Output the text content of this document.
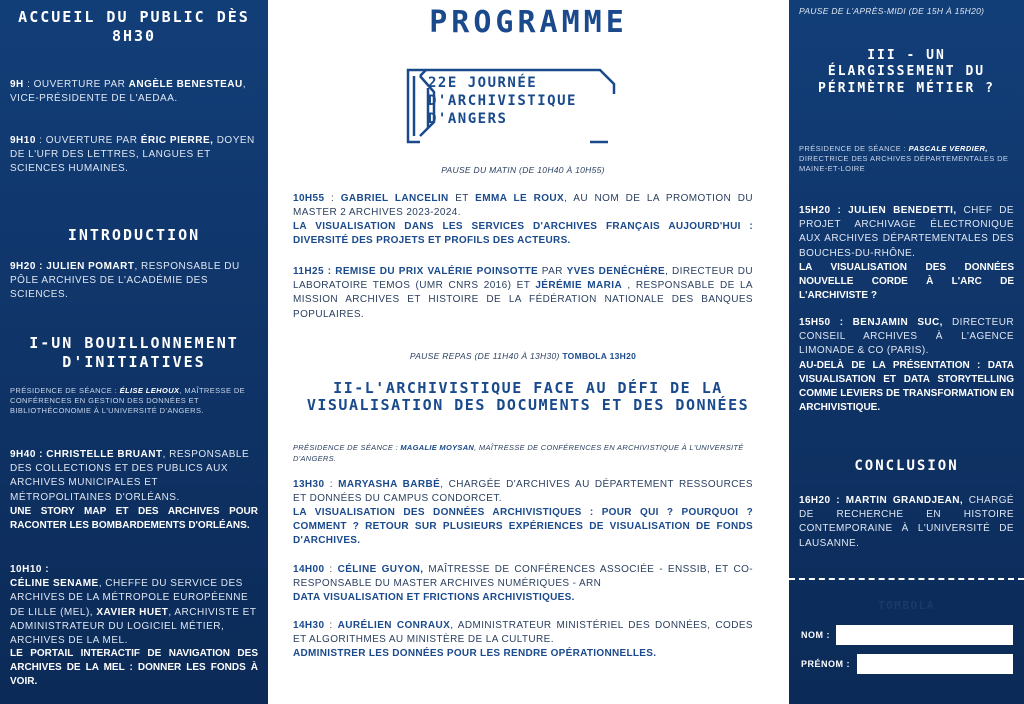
ACCUEIL DU PUBLIC DÈS 8H30
9H : OUVERTURE PAR ANGÈLE BENESTEAU, VICE-PRÉSIDENTE DE L'AEDAA.
9H10 : OUVERTURE PAR ÉRIC PIERRE, DOYEN DE L'UFR DES LETTRES, LANGUES ET SCIENCES HUMAINES.
INTRODUCTION
9H20 : JULIEN POMART, RESPONSABLE DU PÔLE ARCHIVES DE L'ACADÉMIE DES SCIENCES.
I-UN BOUILLONNEMENT D'INITIATIVES
PRÉSIDENCE DE SÉANCE : ÉLISE LEHOUX, MAÎTRESSE DE CONFÉRENCES EN GESTION DES DONNÉES ET BIBLIOTHÉCONOMIE À L'UNIVERSITÉ D'ANGERS.
9H40 : CHRISTELLE BRUANT, RESPONSABLE DES COLLECTIONS ET DES PUBLICS AUX ARCHIVES MUNICIPALES ET MÉTROPOLITAINES D'ORLÉANS.
UNE STORY MAP ET DES ARCHIVES POUR RACONTER LES BOMBARDEMENTS D'ORLÉANS.
10H10 :
CÉLINE SENAME, CHEFFE DU SERVICE DES ARCHIVES DE LA MÉTROPOLE EUROPÉENNE DE LILLE (MEL), XAVIER HUET, ARCHIVISTE ET ADMINISTRATEUR DU LOGICIEL MÉTIER, ARCHIVES DE LA MEL.
LE PORTAIL INTERACTIF DE NAVIGATION DES ARCHIVES DE LA MEL : DONNER LES FONDS À VOIR.
PROGRAMME
22E JOURNÉE
D'ARCHIVISTIQUE
D'ANGERS
PAUSE DU MATIN (DE 10H40 À 10H55)
10H55 : GABRIEL LANCELIN ET EMMA LE ROUX, AU NOM DE LA PROMOTION DU MASTER 2 ARCHIVES 2023-2024.
LA VISUALISATION DANS LES SERVICES D'ARCHIVES FRANÇAIS AUJOURD'HUI : DIVERSITÉ DES PROJETS ET PROFILS DES ACTEURS.
11H25 : REMISE DU PRIX VALÉRIE POINSOTTE PAR YVES DENÉCHÈRE, DIRECTEUR DU LABORATOIRE TEMOS (UMR CNRS 2016) ET JÉRÉMIE MARIA , RESPONSABLE DE LA MISSION ARCHIVES ET HISTOIRE DE LA FÉDÉRATION NATIONALE DES BANQUES POPULAIRES.
PAUSE REPAS (DE 11H40 À 13H30) TOMBOLA 13H20
II-L'ARCHIVISTIQUE FACE AU DÉFI DE LA VISUALISATION DES DOCUMENTS ET DES DONNÉES
PRÉSIDENCE DE SÉANCE : MAGALIE MOYSAN, MAÎTRESSE DE CONFÉRENCES EN ARCHIVISTIQUE À L'UNIVERSITÉ D'ANGERS.
13H30 : MARYASHA BARBÉ, CHARGÉE D'ARCHIVES AU DÉPARTEMENT RESSOURCES ET DONNÉES DU CAMPUS CONDORCET.
LA VISUALISATION DES DONNÉES ARCHIVISTIQUES : POUR QUI ? POURQUOI ? COMMENT ? RETOUR SUR PLUSIEURS EXPÉRIENCES DE VISUALISATION DE FONDS D'ARCHIVES.
14H00 : CÉLINE GUYON, MAÎTRESSE DE CONFÉRENCES ASSOCIÉE - ENSSIB, ET CO-RESPONSABLE DU MASTER ARCHIVES NUMÉRIQUES - ARN
DATA VISUALISATION ET FRICTIONS ARCHIVISTIQUES.
14H30 : AURÉLIEN CONRAUX, ADMINISTRATEUR MINISTÉRIEL DES DONNÉES, CODES ET ALGORITHMES AU MINISTÈRE DE LA CULTURE.
ADMINISTRER LES DONNÉES POUR LES RENDRE OPÉRATIONNELLES.
PAUSE DE L'APRÈS-MIDI (DE 15H À 15H20)
III - UN ÉLARGISSEMENT DU PÉRIMÈTRE MÉTIER ?
PRÉSIDENCE DE SÉANCE : PASCALE VERDIER, DIRECTRICE DES ARCHIVES DÉPARTEMENTALES DE MAINE-ET-LOIRE
15H20 : JULIEN BENEDETTI, CHEF DE PROJET ARCHIVAGE ÉLECTRONIQUE AUX ARCHIVES DÉPARTEMENTALES DES BOUCHES-DU-RHÔNE.
LA VISUALISATION DES DONNÉES NOUVELLE CORDE À L'ARC DE L'ARCHIVISTE ?
15H50 : BENJAMIN SUC, DIRECTEUR CONSEIL ARCHIVES À L'AGENCE LIMONADE & CO (PARIS).
AU-DELÀ DE LA PRÉSENTATION : DATA VISUALISATION ET DATA STORYTELLING COMME LEVIERS DE TRANSFORMATION EN ARCHIVISTIQUE.
CONCLUSION
16H20 : MARTIN GRANDJEAN, CHARGÉ DE RECHERCHE EN HISTOIRE CONTEMPORAINE À L'UNIVERSITÉ DE LAUSANNE.
TOMBOLA
NOM :
PRÉNOM :
